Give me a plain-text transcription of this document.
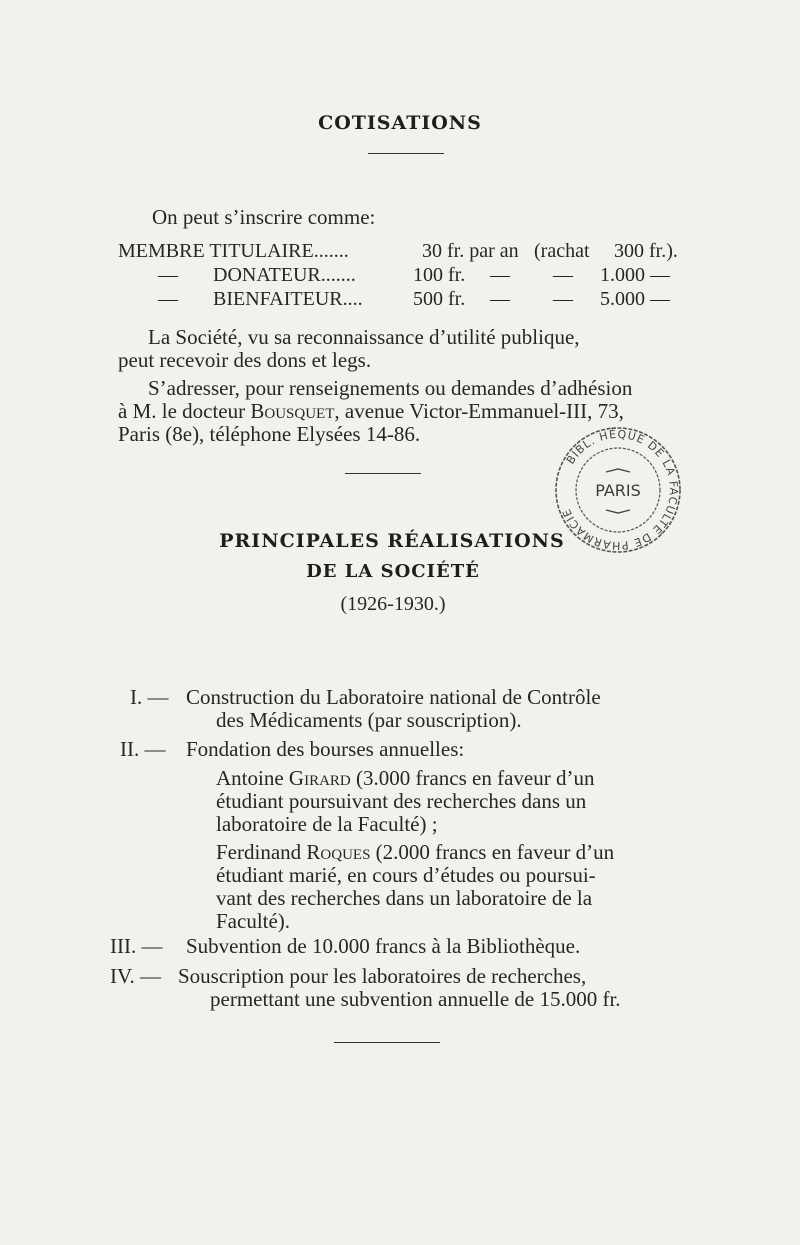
COTISATIONS
On peut s’inscrire comme:
MEMBRE TITULAIRE.......	30 fr. par an (rachat 300 fr.).
— DONATEUR.......	100 fr. — — 1.000 —
— BIENFAITEUR....	500 fr. — — 5.000 —
La Société, vu sa reconnaissance d’utilité publique,
peut recevoir des dons et legs.
S’adresser, pour renseignements ou demandes d’adhésion
à M. le docteur Bousquet, avenue Victor-Emmanuel-III, 73,
Paris (8e), téléphone Elysées 14-86.
BIBL. HÈQUE DE LA FACULTÉ DE PHARMACIE
PARIS
PRINCIPALES RÉALISATIONS
DE LA SOCIÉTÉ
(1926-1930.)
I. — Construction du Laboratoire national de Contrôle
des Médicaments (par souscription).
II. — Fondation des bourses annuelles:
Antoine Girard (3.000 francs en faveur d’un
étudiant poursuivant des recherches dans un
laboratoire de la Faculté) ;
Ferdinand Roques (2.000 francs en faveur d’un
étudiant marié, en cours d’études ou poursui-
vant des recherches dans un laboratoire de la
Faculté).
III. — Subvention de 10.000 francs à la Bibliothèque.
IV. — Souscription pour les laboratoires de recherches,
permettant une subvention annuelle de 15.000 fr.
